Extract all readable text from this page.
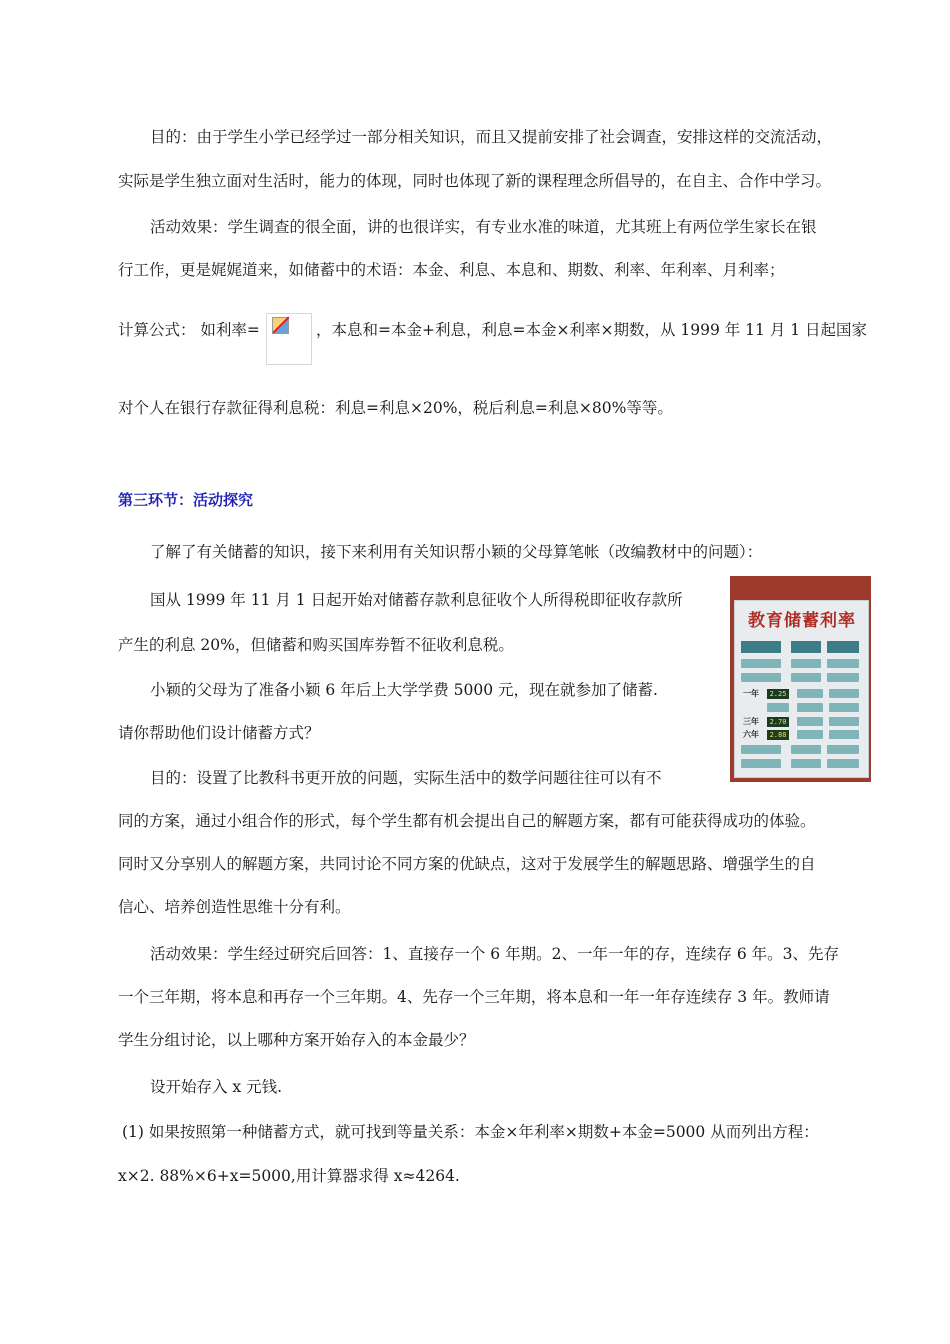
目的：由于学生小学已经学过一部分相关知识，而且又提前安排了社会调查，安排这样的交流活动，
实际是学生独立面对生活时，能力的体现，同时也体现了新的课程理念所倡导的，在自主、合作中学习。
活动效果：学生调查的很全面，讲的也很详实，有专业水准的味道，尤其班上有两位学生家长在银
行工作，更是娓娓道来，如储蓄中的术语：本金、利息、本息和、期数、利率、年利率、月利率；
计算公式： 如利率=	，本息和=本金+利息，利息=本金×利率×期数，从 1999 年 11 月 1 日起国家
对个人在银行存款征得利息税：利息=利息×20%，税后利息=利息×80%等等。
第三环节：活动探究
了解了有关储蓄的知识，接下来利用有关知识帮小颖的父母算笔帐（改编教材中的问题）：
国从 1999 年 11 月 1 日起开始对储蓄存款利息征收个人所得税即征收存款所
产生的利息 20%，但储蓄和购买国库券暂不征收利息税。
小颖的父母为了准备小颖 6 年后上大学学费 5000 元，现在就参加了储蓄.
请你帮助他们设计储蓄方式？
目的：设置了比教科书更开放的问题，实际生活中的数学问题往往可以有不
同的方案，通过小组合作的形式，每个学生都有机会提出自己的解题方案，都有可能获得成功的体验。
同时又分享别人的解题方案，共同讨论不同方案的优缺点，这对于发展学生的解题思路、增强学生的自
信心、培养创造性思维十分有利。
活动效果：学生经过研究后回答：1、直接存一个 6 年期。2、一年一年的存，连续存 6 年。3、先存
一个三年期，将本息和再存一个三年期。4、先存一个三年期，将本息和一年一年存连续存 3 年。教师请
学生分组讨论，以上哪种方案开始存入的本金最少？
设开始存入 x 元钱.
(1) 如果按照第一种储蓄方式，就可找到等量关系：本金×年利率×期数+本金=5000 从而列出方程：
x×2. 88%×6+x=5000,用计算器求得 x≈4264.
教育储蓄利率
一年	2.25
三年	2.70
六年	2.88
